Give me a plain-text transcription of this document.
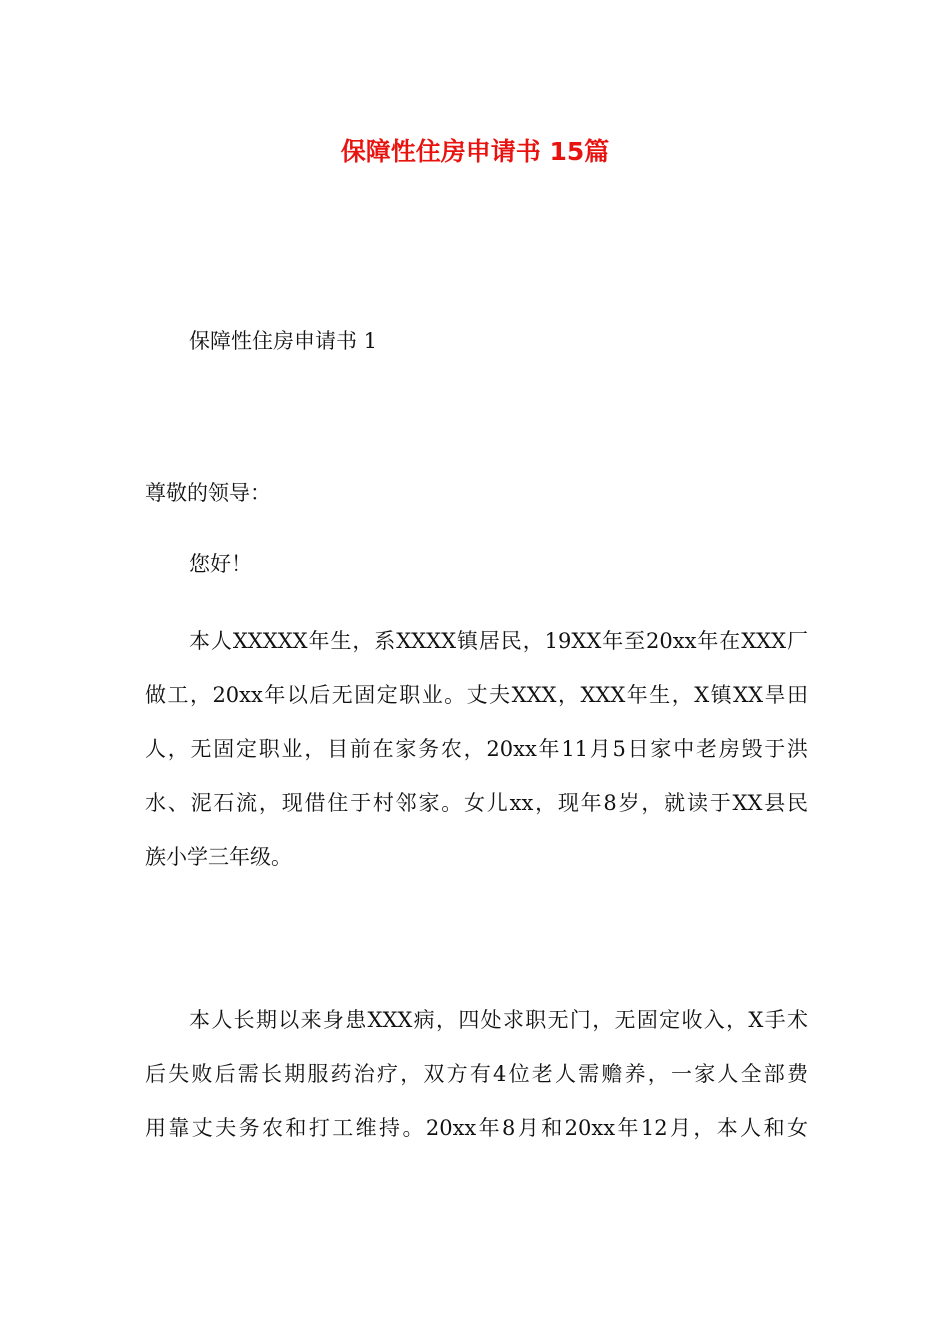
保障性住房申请书 15篇
保障性住房申请书 1
尊敬的领导：
您好！
本人XXXXX年生，系XXXX镇居民，19XX年至20xx年在XXX厂
做工，20xx年以后无固定职业。丈夫XXX，XXX年生，X镇XX旱田
人，无固定职业，目前在家务农，20xx年11月5日家中老房毁于洪
水、泥石流，现借住于村邻家。女儿xx，现年8岁，就读于XX县民
族小学三年级。
本人长期以来身患XXX病，四处求职无门，无固定收入，X手术
后失败后需长期服药治疗，双方有4位老人需赡养，一家人全部费
用靠丈夫务农和打工维持。20xx年8月和20xx年12月，本人和女
